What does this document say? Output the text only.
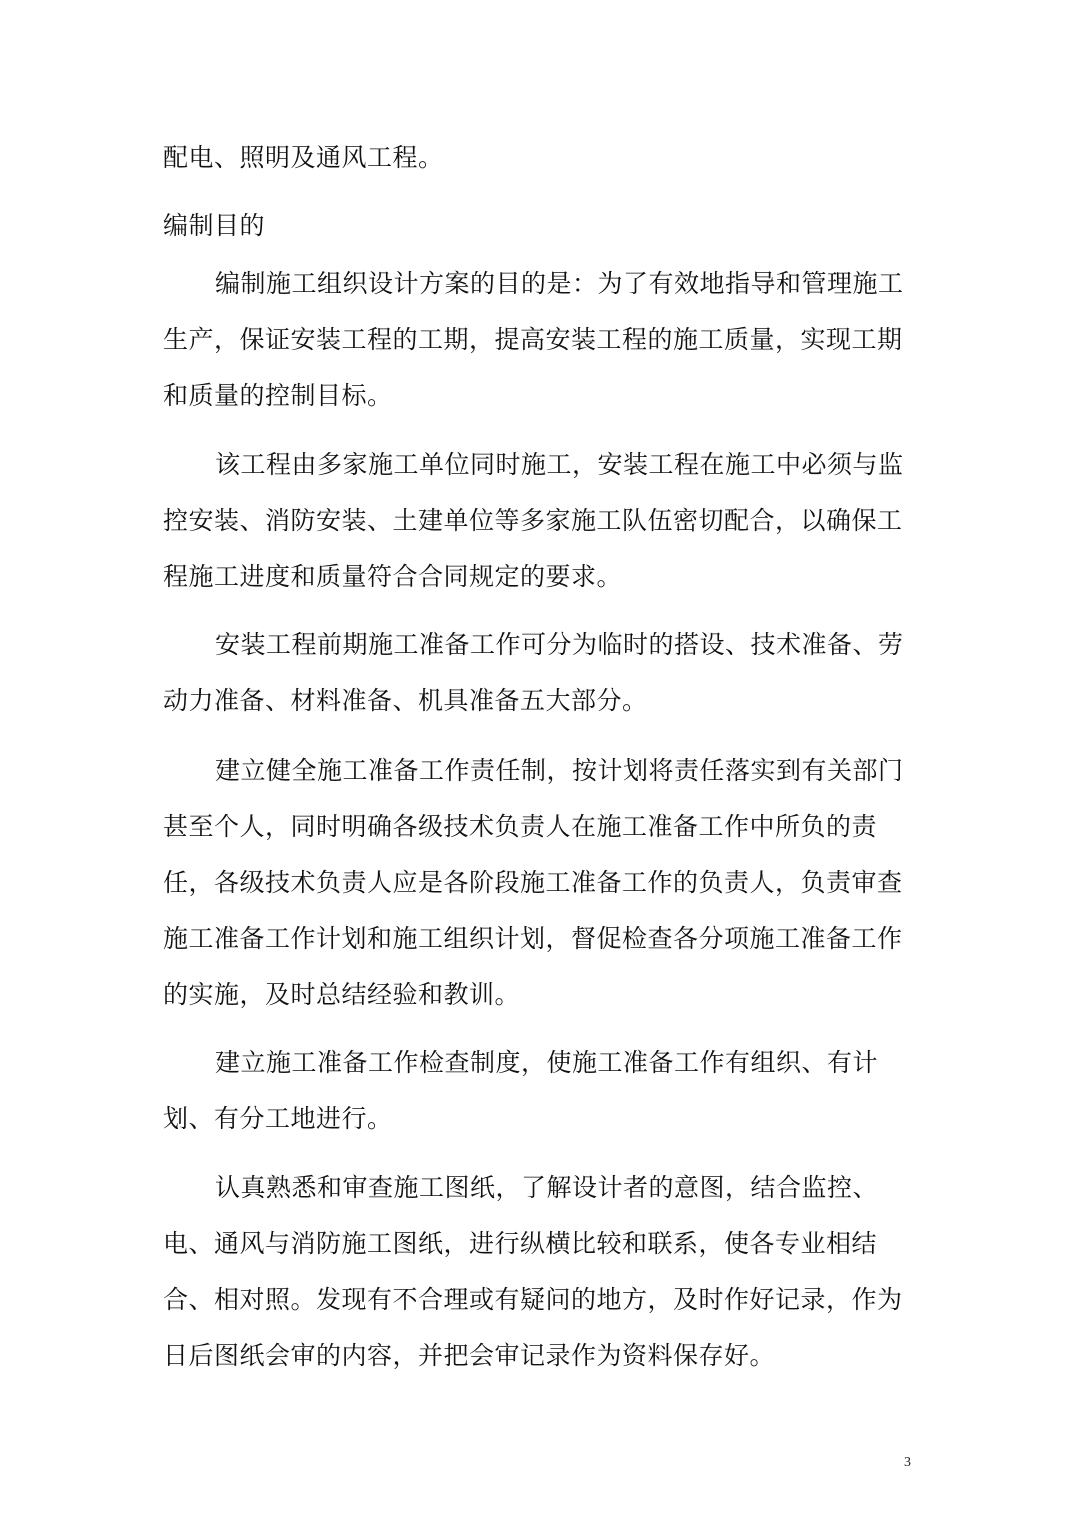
配电、照明及通风工程。

编制目的

编制施工组织设计方案的目的是：为了有效地指导和管理施工生产，保证安装工程的工期，提高安装工程的施工质量，实现工期和质量的控制目标。

该工程由多家施工单位同时施工，安装工程在施工中必须与监控安装、消防安装、土建单位等多家施工队伍密切配合，以确保工程施工进度和质量符合合同规定的要求。

安装工程前期施工准备工作可分为临时的搭设、技术准备、劳动力准备、材料准备、机具准备五大部分。

建立健全施工准备工作责任制，按计划将责任落实到有关部门甚至个人，同时明确各级技术负责人在施工准备工作中所负的责任，各级技术负责人应是各阶段施工准备工作的负责人，负责审查施工准备工作计划和施工组织计划，督促检查各分项施工准备工作的实施，及时总结经验和教训。

建立施工准备工作检查制度，使施工准备工作有组织、有计划、有分工地进行。

认真熟悉和审查施工图纸，了解设计者的意图，结合监控、电、通风与消防施工图纸，进行纵横比较和联系，使各专业相结合、相对照。发现有不合理或有疑问的地方，及时作好记录，作为日后图纸会审的内容，并把会审记录作为资料保存好。

3
